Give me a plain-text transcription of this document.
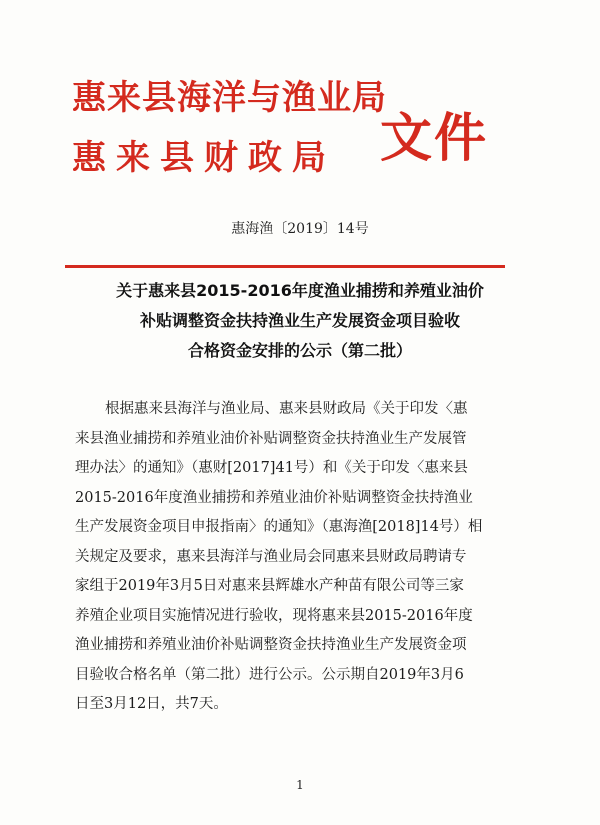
惠来县海洋与渔业局
惠来县财政局 文件
惠海渔〔2019〕14号
关于惠来县2015-2016年度渔业捕捞和养殖业油价
补贴调整资金扶持渔业生产发展资金项目验收
合格资金安排的公示（第二批）
根据惠来县海洋与渔业局、惠来县财政局《关于印发〈惠
来县渔业捕捞和养殖业油价补贴调整资金扶持渔业生产发展管
理办法〉的通知》（惠财[2017]41号）和《关于印发〈惠来县
2015-2016年度渔业捕捞和养殖业油价补贴调整资金扶持渔业
生产发展资金项目申报指南〉的通知》（惠海渔[2018]14号）相
关规定及要求，惠来县海洋与渔业局会同惠来县财政局聘请专
家组于2019年3月5日对惠来县辉雄水产种苗有限公司等三家
养殖企业项目实施情况进行验收，现将惠来县2015-2016年度
渔业捕捞和养殖业油价补贴调整资金扶持渔业生产发展资金项
目验收合格名单（第二批）进行公示。公示期自2019年3月6
日至3月12日，共7天。
1
